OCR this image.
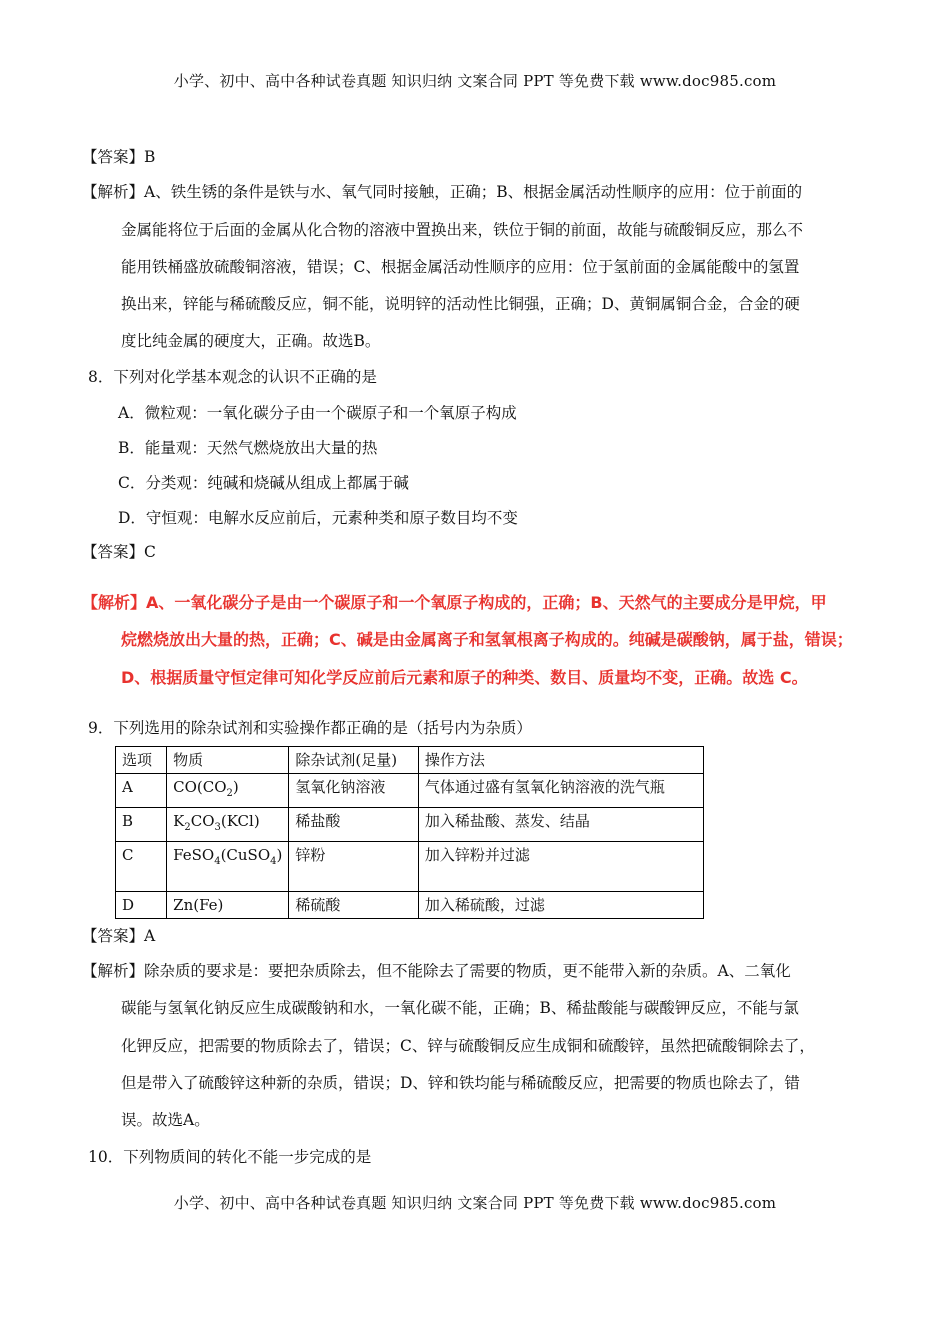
小学、初中、高中各种试卷真题 知识归纳 文案合同 PPT 等免费下载 www.doc985.com
【答案】B
【解析】A、铁生锈的条件是铁与水、氧气同时接触，正确；B、根据金属活动性顺序的应用：位于前面的
金属能将位于后面的金属从化合物的溶液中置换出来，铁位于铜的前面，故能与硫酸铜反应，那么不
能用铁桶盛放硫酸铜溶液，错误；C、根据金属活动性顺序的应用：位于氢前面的金属能酸中的氢置
换出来，锌能与稀硫酸反应，铜不能，说明锌的活动性比铜强，正确；D、黄铜属铜合金，合金的硬
度比纯金属的硬度大，正确。故选B。
8．下列对化学基本观念的认识不正确的是
A．微粒观：一氧化碳分子由一个碳原子和一个氧原子构成
B．能量观：天然气燃烧放出大量的热
C．分类观：纯碱和烧碱从组成上都属于碱
D．守恒观：电解水反应前后，元素种类和原子数目均不变
【答案】C
【解析】A、一氧化碳分子是由一个碳原子和一个氧原子构成的，正确；B、天然气的主要成分是甲烷，甲
烷燃烧放出大量的热，正确；C、碱是由金属离子和氢氧根离子构成的。纯碱是碳酸钠，属于盐，错误；
D、根据质量守恒定律可知化学反应前后元素和原子的种类、数目、质量均不变，正确。故选 C。
9．下列选用的除杂试剂和实验操作都正确的是（括号内为杂质）
选项	物质	除杂试剂(足量)	操作方法
A	$CO(CO_2)$	氢氧化钠溶液	气体通过盛有氢氧化钠溶液的洗气瓶
B	$K_2CO_3(KCl)$	稀盐酸	加入稀盐酸、蒸发、结晶
C	FeSO$_4$(CuSO$_4$)	锌粉	加入锌粉并过滤
D	Zn(Fe)	稀硫酸	加入稀硫酸，过滤
【答案】A
【解析】除杂质的要求是：要把杂质除去，但不能除去了需要的物质，更不能带入新的杂质。A、二氧化
碳能与氢氧化钠反应生成碳酸钠和水，一氧化碳不能，正确；B、稀盐酸能与碳酸钾反应，不能与氯
化钾反应，把需要的物质除去了，错误；C、锌与硫酸铜反应生成铜和硫酸锌，虽然把硫酸铜除去了，
但是带入了硫酸锌这种新的杂质，错误；D、锌和铁均能与稀硫酸反应，把需要的物质也除去了，错
误。故选A。
10．下列物质间的转化不能一步完成的是
小学、初中、高中各种试卷真题 知识归纳 文案合同 PPT 等免费下载 www.doc985.com
